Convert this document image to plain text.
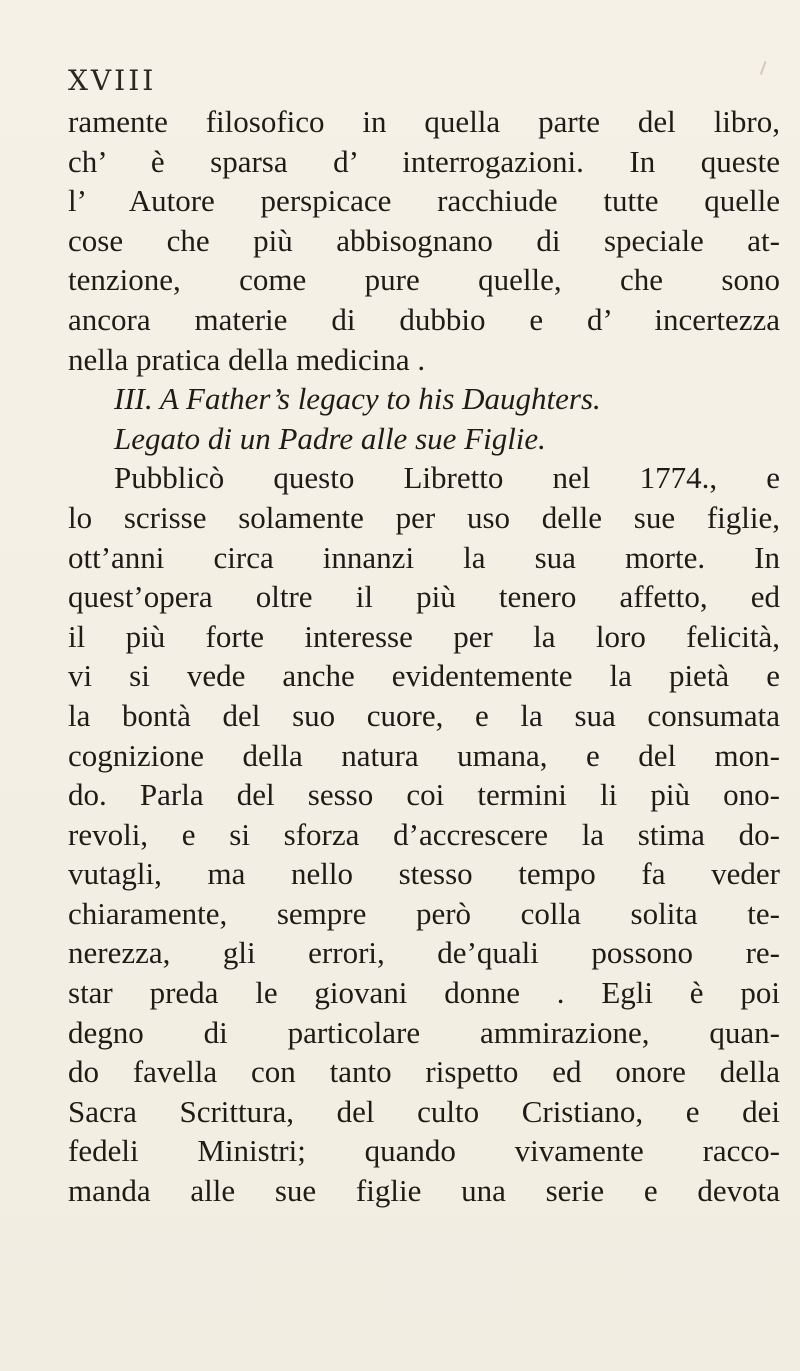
XVIII
ramente filosofico in quella parte del libro,
ch’ è sparsa d’ interrogazioni. In queste
l’ Autore perspicace racchiude tutte quelle
cose che più abbisognano di speciale at-
tenzione, come pure quelle, che sono
ancora materie di dubbio e d’ incertezza
nella pratica della medicina .
III. A Father’s legacy to his Daughters.
Legato di un Padre alle sue Figlie.
Pubblicò questo Libretto nel 1774., e
lo scrisse solamente per uso delle sue figlie,
ott’anni circa innanzi la sua morte. In
quest’opera oltre il più tenero affetto, ed
il più forte interesse per la loro felicità,
vi si vede anche evidentemente la pietà e
la bontà del suo cuore, e la sua consumata
cognizione della natura umana, e del mon-
do. Parla del sesso coi termini li più ono-
revoli, e si sforza d’accrescere la stima do-
vutagli, ma nello stesso tempo fa veder
chiaramente, sempre però colla solita te-
nerezza, gli errori, de’quali possono re-
star preda le giovani donne . Egli è poi
degno di particolare ammirazione, quan-
do favella con tanto rispetto ed onore della
Sacra Scrittura, del culto Cristiano, e dei
fedeli Ministri; quando vivamente racco-
manda alle sue figlie una serie e devota
